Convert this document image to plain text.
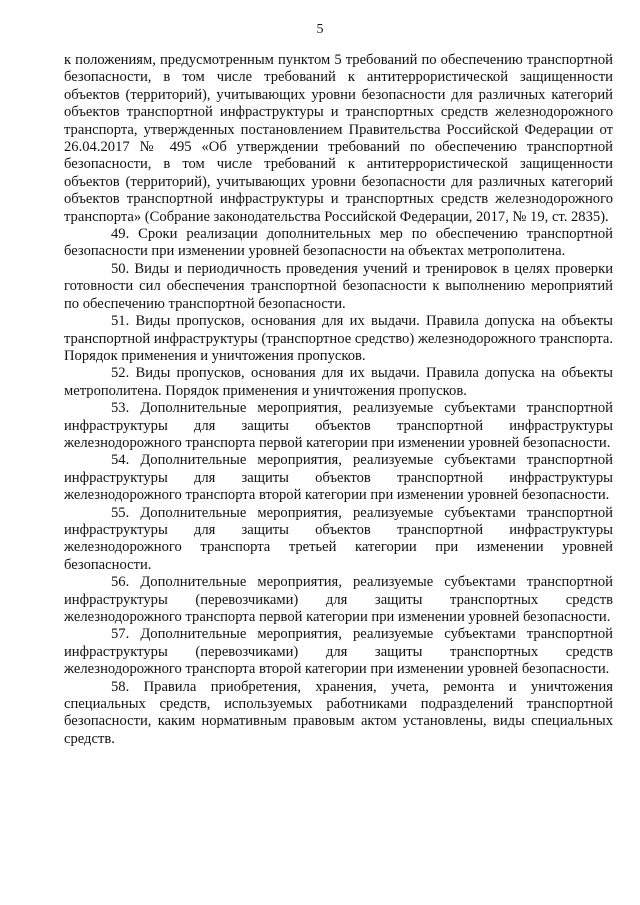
5

к положениям, предусмотренным пунктом 5 требований по обеспечению транспортной безопасности, в том числе требований к антитеррористической защищенности объектов (территорий), учитывающих уровни безопасности для различных категорий объектов транспортной инфраструктуры и транспортных средств железнодорожного транспорта, утвержденных постановлением Правительства Российской Федерации от 26.04.2017 № 495 «Об утверждении требований по обеспечению транспортной безопасности, в том числе требований к антитеррористической защищенности объектов (территорий), учитывающих уровни безопасности для различных категорий объектов транспортной инфраструктуры и транспортных средств железнодорожного транспорта» (Собрание законодательства Российской Федерации, 2017, № 19, ст. 2835).

49. Сроки реализации дополнительных мер по обеспечению транспортной безопасности при изменении уровней безопасности на объектах метрополитена.

50. Виды и периодичность проведения учений и тренировок в целях проверки готовности сил обеспечения транспортной безопасности к выполнению мероприятий по обеспечению транспортной безопасности.

51. Виды пропусков, основания для их выдачи. Правила допуска на объекты транспортной инфраструктуры (транспортное средство) железнодорожного транспорта. Порядок применения и уничтожения пропусков.

52. Виды пропусков, основания для их выдачи. Правила допуска на объекты метрополитена. Порядок применения и уничтожения пропусков.

53. Дополнительные мероприятия, реализуемые субъектами транспортной инфраструктуры для защиты объектов транспортной инфраструктуры железнодорожного транспорта первой категории при изменении уровней безопасности.

54. Дополнительные мероприятия, реализуемые субъектами транспортной инфраструктуры для защиты объектов транспортной инфраструктуры железнодорожного транспорта второй категории при изменении уровней безопасности.

55. Дополнительные мероприятия, реализуемые субъектами транспортной инфраструктуры для защиты объектов транспортной инфраструктуры железнодорожного транспорта третьей категории при изменении уровней безопасности.

56. Дополнительные мероприятия, реализуемые субъектами транспортной инфраструктуры (перевозчиками) для защиты транспортных средств железнодорожного транспорта первой категории при изменении уровней безопасности.

57. Дополнительные мероприятия, реализуемые субъектами транспортной инфраструктуры (перевозчиками) для защиты транспортных средств железнодорожного транспорта второй категории при изменении уровней безопасности.

58. Правила приобретения, хранения, учета, ремонта и уничтожения специальных средств, используемых работниками подразделений транспортной безопасности, каким нормативным правовым актом установлены, виды специальных средств.
